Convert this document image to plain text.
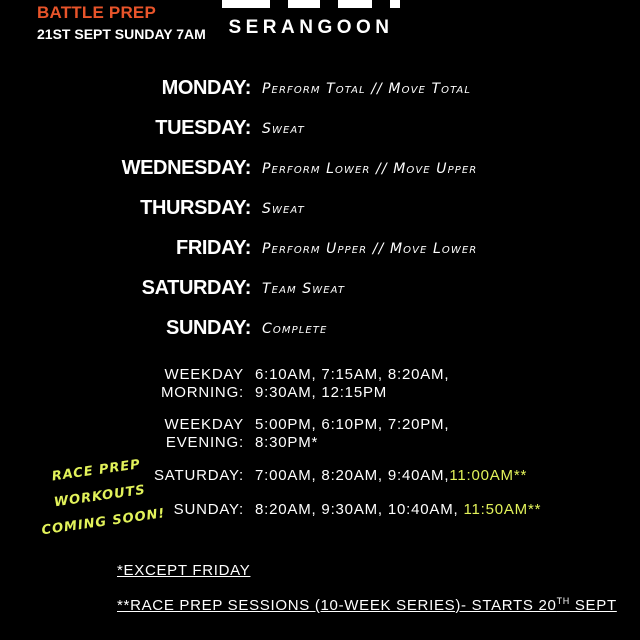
BATTLE PREP
21ST SEPT SUNDAY 7AM	SERANGOON
MONDAY: Perform Total // Move Total
TUESDAY: Sweat
WEDNESDAY: Perform Lower // Move Upper
THURSDAY: Sweat
FRIDAY: Perform Upper // Move Lower
SATURDAY: Team Sweat
SUNDAY: Complete
WEEKDAY
MORNING:
6:10AM, 7:15AM, 8:20AM,
9:30AM, 12:15PM
WEEKDAY
EVENING:
5:00PM, 6:10PM, 7:20PM,
8:30PM*
SATURDAY: 7:00AM, 8:20AM, 9:40AM,11:00AM**
SUNDAY: 8:20AM, 9:30AM, 10:40AM, 11:50AM**
RACE PREP
WORKOUTS
COMING SOON!
*EXCEPT FRIDAY
**RACE PREP SESSIONS (10-WEEK SERIES)- STARTS 20TH SEPT
